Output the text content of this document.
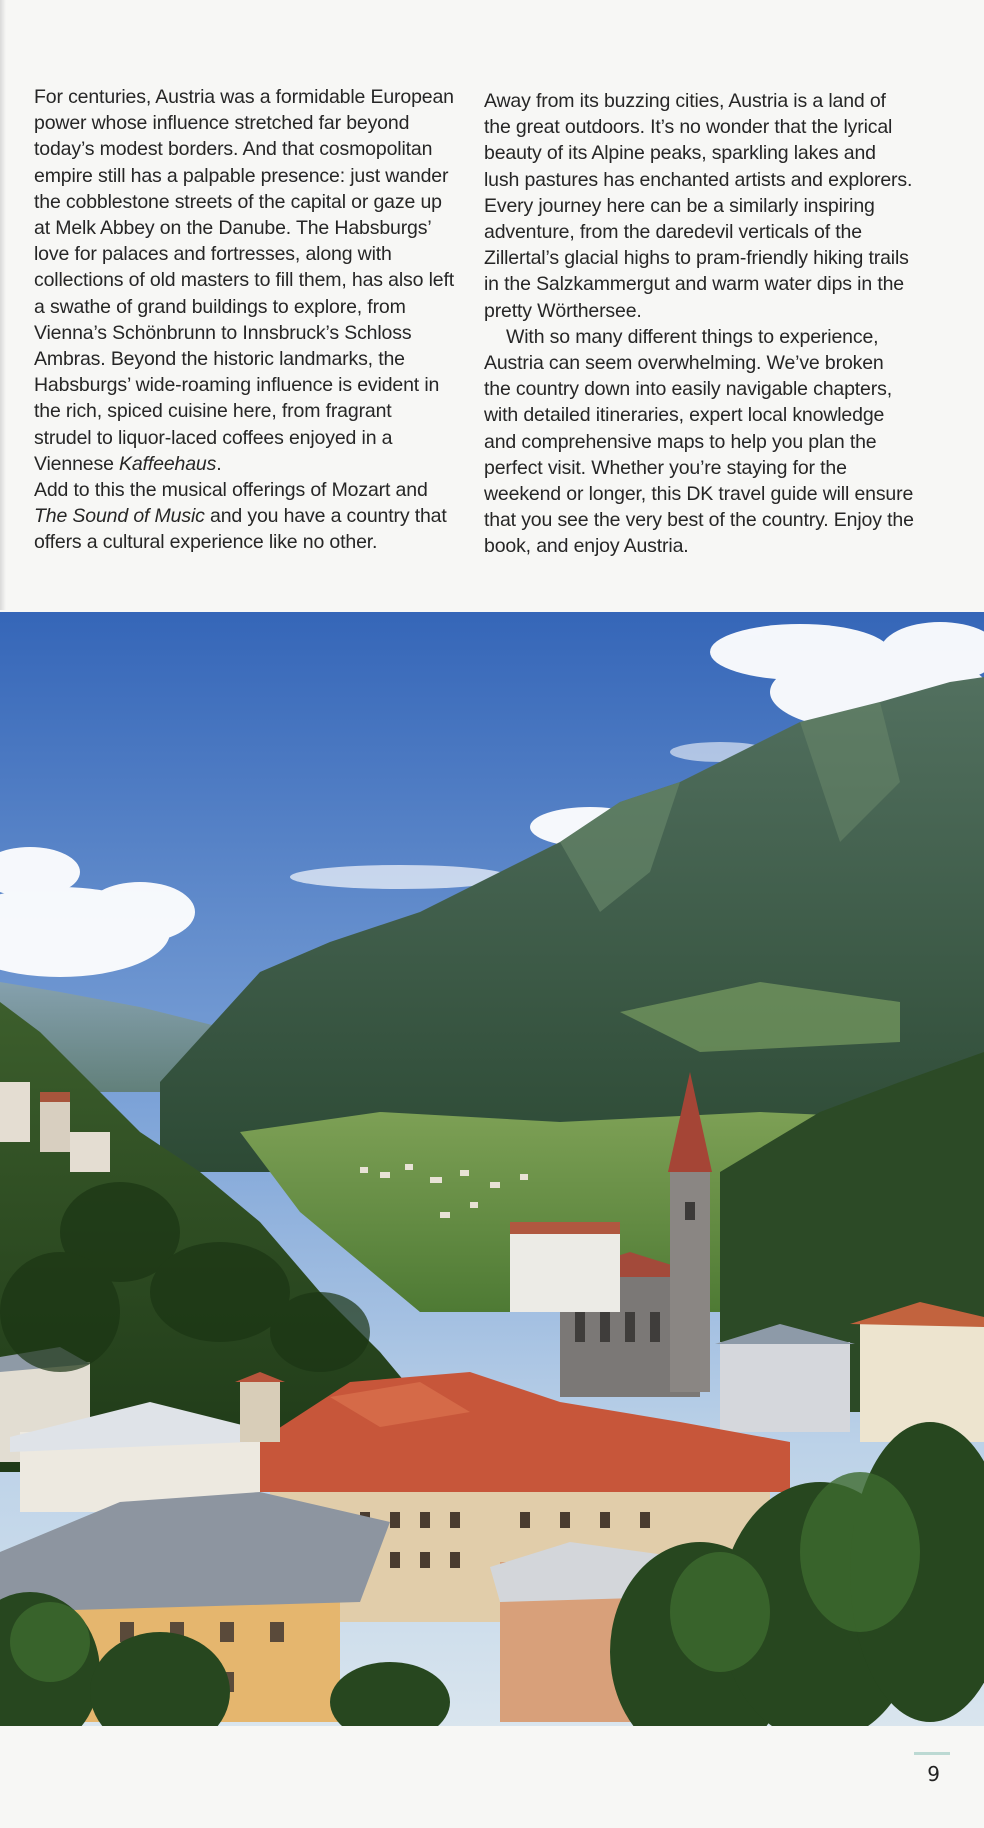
For centuries, Austria was a formidable European power whose influence stretched far beyond today’s modest borders. And that cosmopolitan empire still has a palpable presence: just wander the cobblestone streets of the capital or gaze up at Melk Abbey on the Danube. The Habsburgs’ love for palaces and fortresses, along with collections of old masters to fill them, has also left a swathe of grand buildings to explore, from Vienna’s Schönbrunn to Innsbruck’s Schloss Ambras. Beyond the historic landmarks, the Habsburgs’ wide-roaming influence is evident in the rich, spiced cuisine here, from fragrant strudel to liquor-laced coffees enjoyed in a Viennese Kaffeehaus.

Add to this the musical offerings of Mozart and The Sound of Music and you have a country that offers a cultural experience like no other.

Away from its buzzing cities, Austria is a land of the great outdoors. It’s no wonder that the lyrical beauty of its Alpine peaks, sparkling lakes and lush pastures has enchanted artists and explorers. Every journey here can be a similarly inspiring adventure, from the daredevil verticals of the Zillertal’s glacial highs to pram-friendly hiking trails in the Salzkammergut and warm water dips in the pretty Wörthersee.

With so many different things to experience, Austria can seem overwhelming. We’ve broken the country down into easily navigable chapters, with detailed itineraries, expert local knowledge and comprehensive maps to help you plan the perfect visit. Whether you’re staying for the weekend or longer, this DK travel guide will ensure that you see the very best of the country. Enjoy the book, and enjoy Austria.

9
